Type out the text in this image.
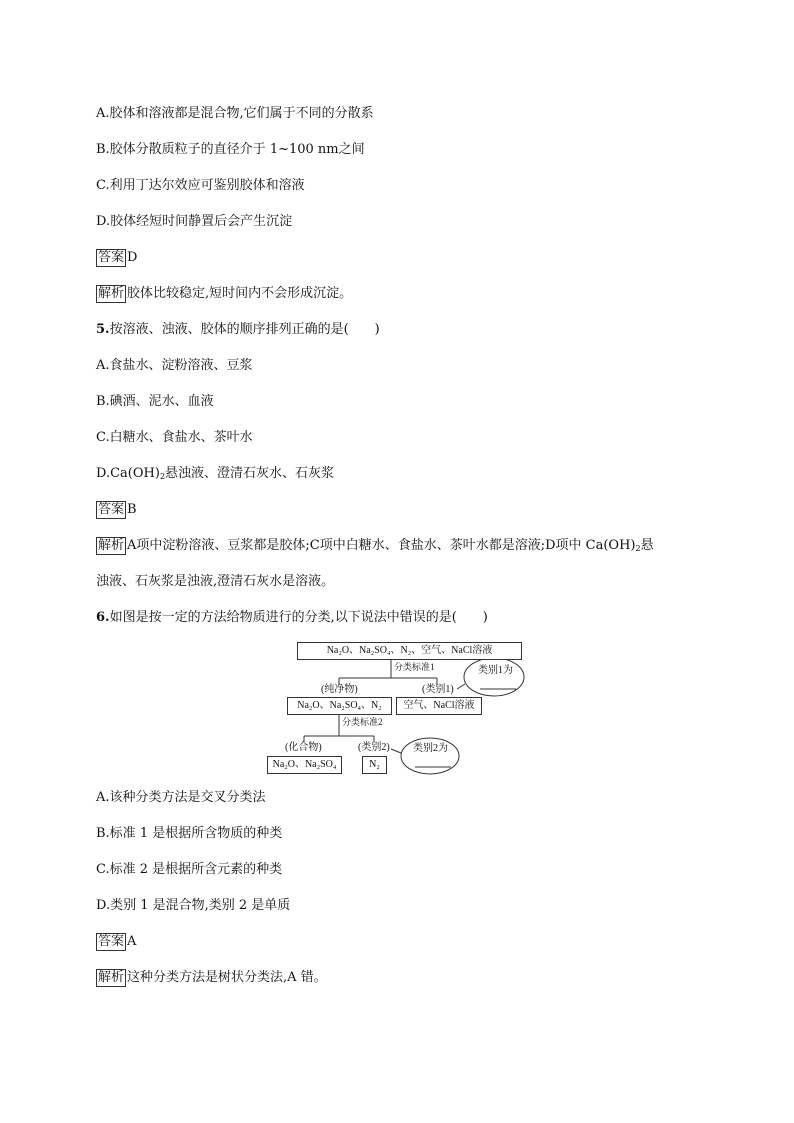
A.胶体和溶液都是混合物,它们属于不同的分散系
B.胶体分散质粒子的直径介于 1~100 nm之间
C.利用丁达尔效应可鉴别胶体和溶液
D.胶体经短时间静置后会产生沉淀
答案 D
解析 胶体比较稳定,短时间内不会形成沉淀。
5.按溶液、浊液、胶体的顺序排列正确的是(　　)
A.食盐水、淀粉溶液、豆浆
B.碘酒、泥水、血液
C.白糖水、食盐水、茶叶水
$D.Ca(OH)_2$悬浊液、澄清石灰水、石灰浆
答案 B
解析 A项中淀粉溶液、豆浆都是胶体;C项中白糖水、食盐水、茶叶水都是溶液;D项中 $Ca(OH)_2$悬
浊液、石灰浆是浊液,澄清石灰水是溶液。
6.如图是按一定的方法给物质进行的分类,以下说法中错误的是(　　)
Na₂O、Na₂SO₄、N₂、空气、NaCl溶液
分类标准1
(纯净物)	(类别1)
Na₂O、Na₂SO₄、N₂	空气、NaCl溶液
分类标准2
(化合物)	(类别2)
Na₂O、Na₂SO₄	N₂
类别1为
类别2为
A.该种分类方法是交叉分类法
B.标准 1 是根据所含物质的种类
C.标准 2 是根据所含元素的种类
D.类别 1 是混合物,类别 2 是单质
答案 A
解析 这种分类方法是树状分类法,A 错。
